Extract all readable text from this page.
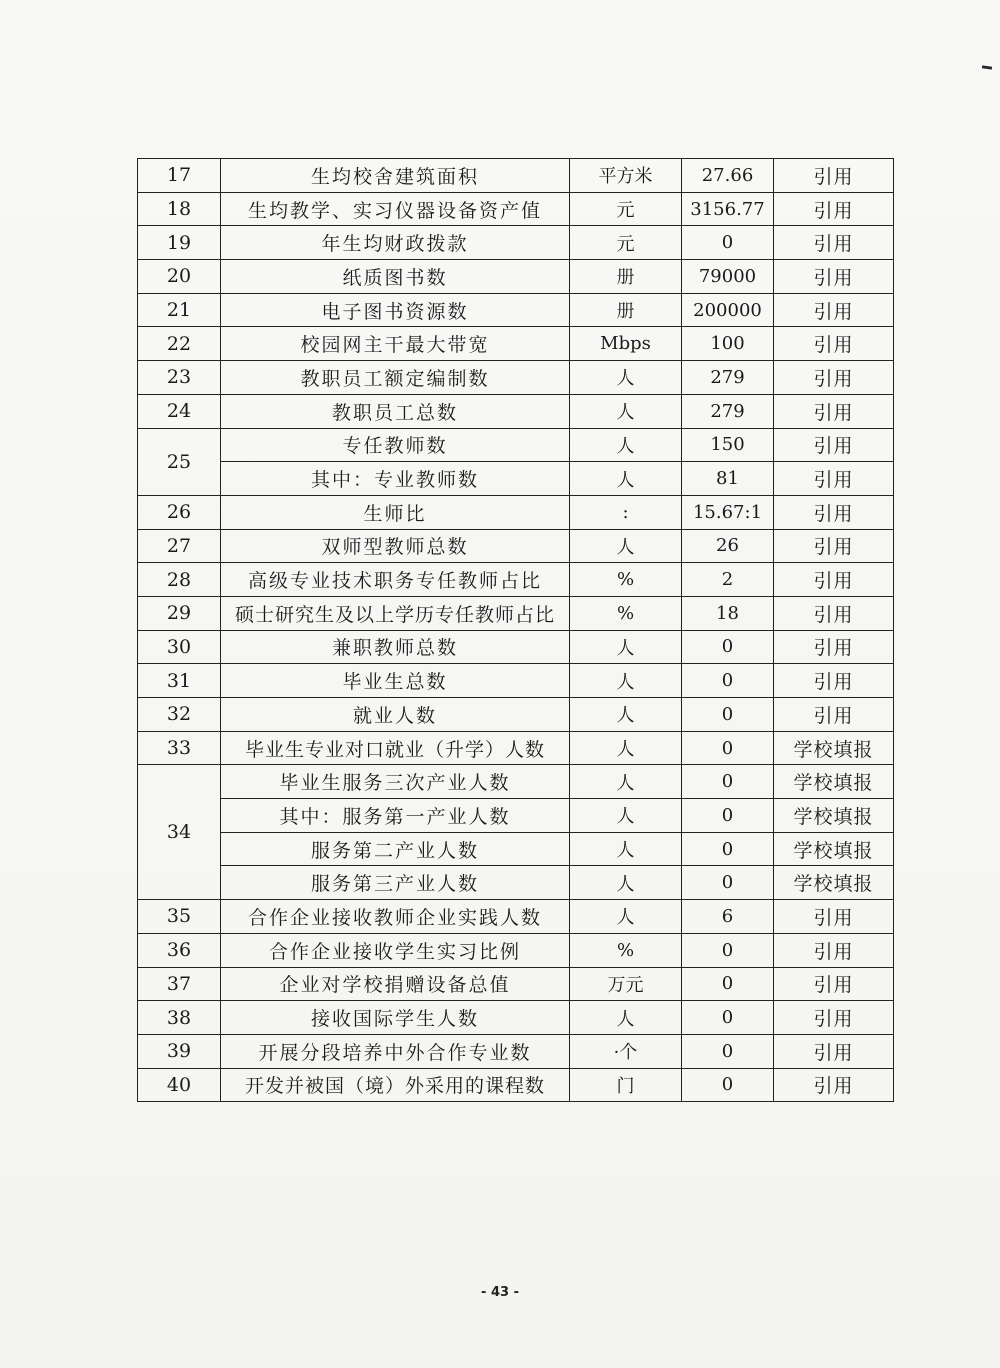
17	生均校舍建筑面积	平方米	27.66	引用
18	生均教学、实习仪器设备资产值	元	3156.77	引用
19	年生均财政拨款	元	0	引用
20	纸质图书数	册	79000	引用
21	电子图书资源数	册	200000	引用
22	校园网主干最大带宽	Mbps	100	引用
23	教职员工额定编制数	人	279	引用
24	教职员工总数	人	279	引用
25	专任教师数	人	150	引用
	其中：专业教师数	人	81	引用
26	生师比	:	15.67:1	引用
27	双师型教师总数	人	26	引用
28	高级专业技术职务专任教师占比	%	2	引用
29	硕士研究生及以上学历专任教师占比	%	18	引用
30	兼职教师总数	人	0	引用
31	毕业生总数	人	0	引用
32	就业人数	人	0	引用
33	毕业生专业对口就业（升学）人数	人	0	学校填报
34	毕业生服务三次产业人数	人	0	学校填报
	其中：服务第一产业人数	人	0	学校填报
	服务第二产业人数	人	0	学校填报
	服务第三产业人数	人	0	学校填报
35	合作企业接收教师企业实践人数	人	6	引用
36	合作企业接收学生实习比例	%	0	引用
37	企业对学校捐赠设备总值	万元	0	引用
38	接收国际学生人数	人	0	引用
39	开展分段培养中外合作专业数	·个	0	引用
40	开发并被国（境）外采用的课程数	门	0	引用
- 43 -
